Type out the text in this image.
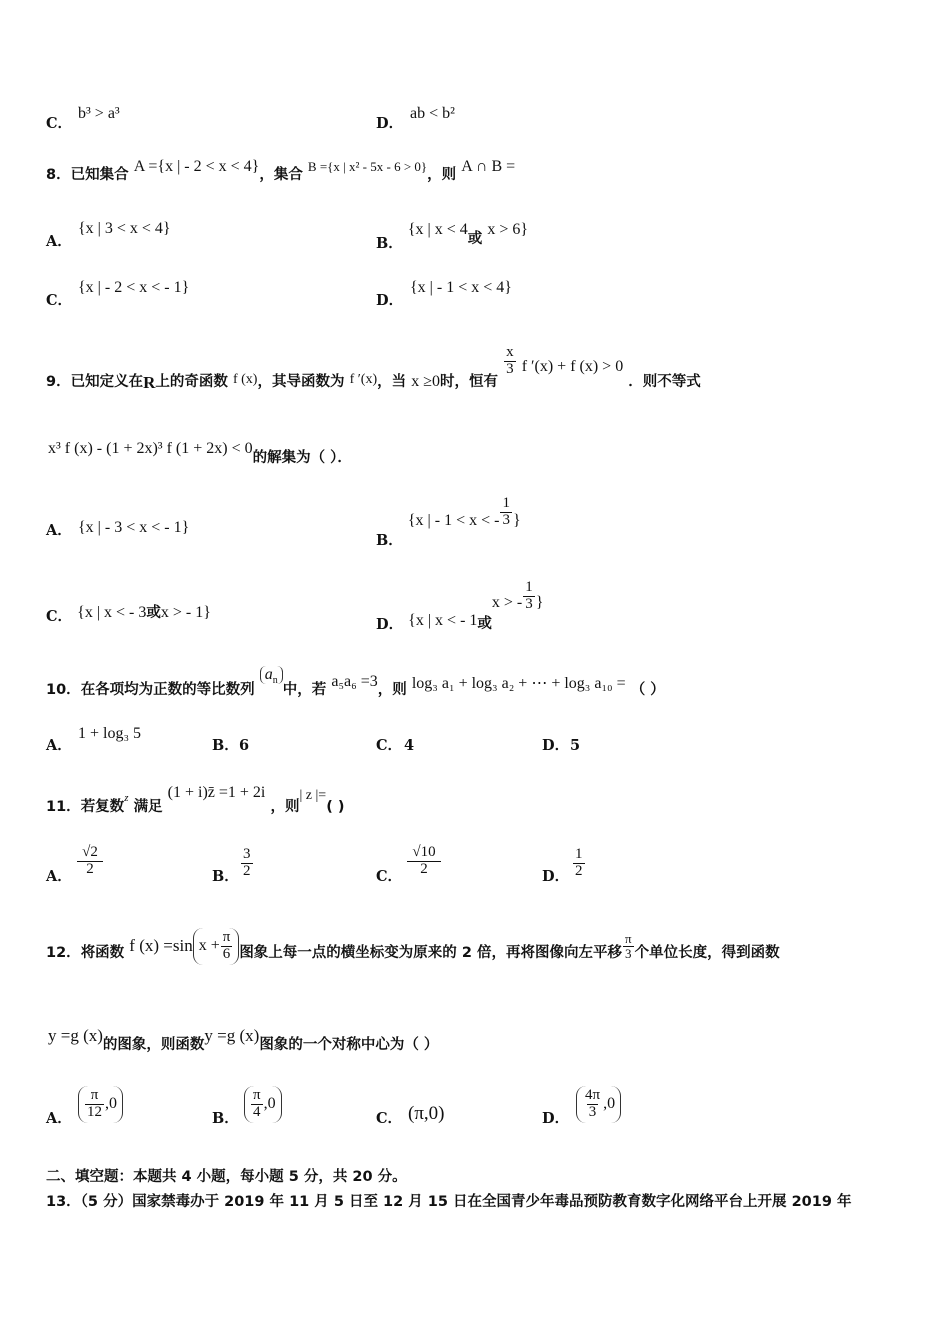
C．
b³ > a³
D．
ab < b²
8．已知集合 A ={x | - 2 < x < 4}，集合 $^{B =\{x | x^2 - 5x - 6 > 0\}}$，则 A ∩ B =
A．
{x | 3 < x < 4}
B． {x | x < 4或 x > 6}
C．
{x | - 2 < x < - 1}
D．
{x | - 1 < x < 4}
9．已知定义在R上的奇函数 f (x)，其导函数为 f ′(x)，当 x ≥0时，恒有
$\frac{x}{3}$ f ′(x) + f (x) > 0 ．则不等式
x³ f (x) - (1 + 2x)³ f (1 + 2x) < 0的解集为（ ）．
A． {x | - 3 < x < - 1}
B． {x | - 1 < x < - $\frac{1}{3}$ }
C． {x | x < - 3或x > - 1}
D． {x | x < - 1或x > - $\frac{1}{3}$ }
10．在各项均为正数的等比数列 $a_n$中，若 a₅a₆ =3，则 log₃ a₁ + log₃ a₂ + ⋯ + log₃ a₁₀ = （ ）
A．
1 + log₃ 5
B． 6	C． 4	D． 5
11．若复数$_z$ 满足 (1 + i)z̄ =1 + 2i ，则| z |=( )
A． $\frac{√2}{2}$	B． $\frac{3}{2}$	C． $\frac{√10}{2}$	D． $\frac{1}{2}$
12．将函数 f (x) =sin $x + \frac{\pi}{6}$ 图象上每一点的横坐标变为原来的 2 倍，再将图像向左平移 $\frac{\pi}{3}$ 个单位长度，得到函数
y =g (x)的图象，则函数y =g (x)图象的一个对称中心为（ ）
A． $\frac{\pi}{12} ,0$
B． $\frac{\pi}{4} ,0$
C． (π,0)	D． $\frac{4\pi}{3} ,0$
二、填空题：本题共 4 小题，每小题 5 分，共 20 分。
13．（5 分）国家禁毒办于 2019 年 11 月 5 日至 12 月 15 日在全国青少年毒品预防教育数字化网络平台上开展 2019 年
